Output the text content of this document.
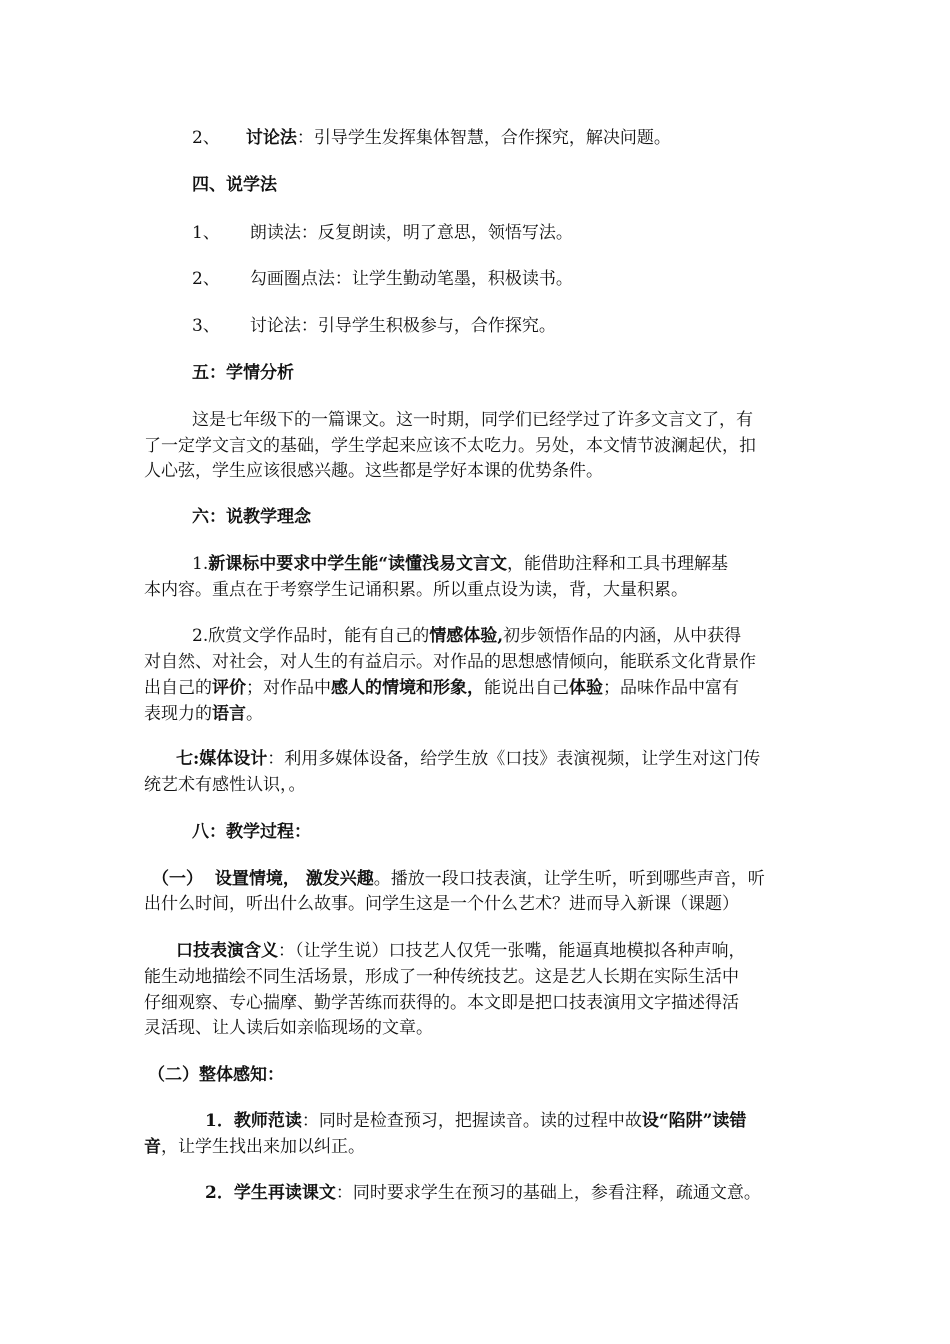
2、 讨论法：引导学生发挥集体智慧，合作探究，解决问题。
四、说学法
1、 朗读法：反复朗读，明了意思，领悟写法。
2、 勾画圈点法：让学生勤动笔墨，积极读书。
3、 讨论法：引导学生积极参与，合作探究。
五：学情分析
这是七年级下的一篇课文。这一时期，同学们已经学过了许多文言文了，有
了一定学文言文的基础，学生学起来应该不太吃力。另处，本文情节波澜起伏，扣
人心弦，学生应该很感兴趣。这些都是学好本课的优势条件。
六：说教学理念
1.新课标中要求中学生能“读懂浅易文言文，能借助注释和工具书理解基
本内容。重点在于考察学生记诵积累。所以重点设为读，背，大量积累。
2.欣赏文学作品时，能有自己的情感体验,初步领悟作品的内涵，从中获得
对自然、对社会，对人生的有益启示。对作品的思想感情倾向，能联系文化背景作
出自己的评价；对作品中感人的情境和形象，能说出自己体验；品味作品中富有
表现力的语言。
七:媒体设计：利用多媒体设备，给学生放《口技》表演视频，让学生对这门传
统艺术有感性认识，。
八：教学过程：
（一）  设置情境， 激发兴趣。播放一段口技表演，让学生听，听到哪些声音，听
出什么时间，听出什么故事。问学生这是一个什么艺术？进而导入新课（课题）
口技表演含义：（让学生说）口技艺人仅凭一张嘴，能逼真地模拟各种声响，
能生动地描绘不同生活场景，形成了一种传统技艺。这是艺人长期在实际生活中
仔细观察、专心揣摩、勤学苦练而获得的。本文即是把口技表演用文字描述得活
灵活现、让人读后如亲临现场的文章。
（二）整体感知：
1．教师范读：同时是检查预习，把握读音。读的过程中故设“陷阱”读错
音，让学生找出来加以纠正。
2．学生再读课文：同时要求学生在预习的基础上，参看注释，疏通文意。
